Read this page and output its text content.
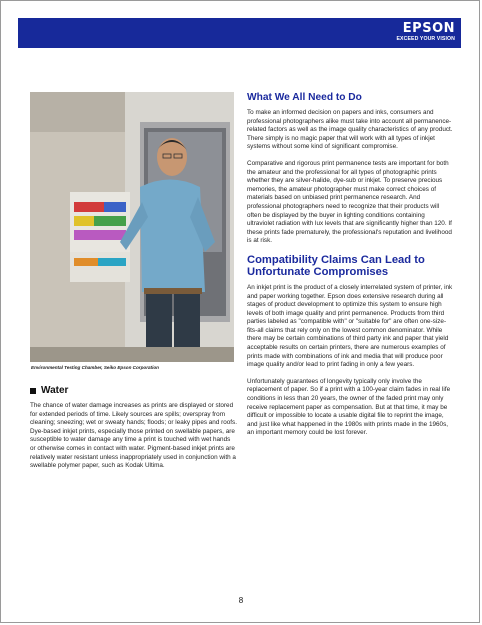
EPSON
EXCEED YOUR VISION
Environmental Testing Chamber, Seiko Epson Corporation
Water

The chance of water damage increases as prints are displayed or stored for extended periods of time. Likely sources are spills; overspray from cleaning; sneezing; wet or sweaty hands; floods; or leaky pipes and roofs. Dye-based inkjet prints, especially those printed on swellable papers, are susceptible to water damage any time a print is touched with wet hands or otherwise comes in contact with water. Pigment-based inkjet prints are relatively water resistant unless inappropriately used in conjunction with a swellable polymer paper, such as Kodak Ultima.

What We All Need to Do

To make an informed decision on papers and inks, consumers and professional photographers alike must take into account all permanence-related factors as well as the image quality characteristics of any product. There simply is no magic paper that will work with all types of inkjet systems without some kind of significant compromise.

Comparative and rigorous print permanence tests are important for both the amateur and the professional for all types of photographic prints whether they are silver-halide, dye-sub or inkjet. To preserve precious memories, the amateur photographer must make correct choices of materials based on unbiased print permanence research. And professional photographers need to recognize that their products will often be displayed by the buyer in lighting conditions containing ultraviolet radiation with lux levels that are significantly higher than 120. If these prints fade prematurely, the professional's reputation and livelihood is at risk.

Compatibility Claims Can Lead to Unfortunate Compromises

An inkjet print is the product of a closely interrelated system of printer, ink and paper working together. Epson does extensive research during all stages of product development to optimize this system to ensure high levels of both image quality and print permanence. Products from third parties labeled as "compatible with" or "suitable for" are often one-size-fits-all claims that rely only on the lowest common denominator. While there may be certain combinations of third party ink and paper that yield acceptable results on certain printers, there are numerous examples of prints made with combinations of ink and media that will produce poor image quality and/or lead to print fading in only a few years.

Unfortunately guarantees of longevity typically only involve the replacement of paper. So if a print with a 100-year claim fades in real life conditions in less than 20 years, the owner of the faded print may only receive replacement paper as compensation. But at that time, it may be difficult or impossible to locate a usable digital file to reprint the image, and just like what happened in the 1980s with prints made in the 1960s, an important memory could be lost forever.

8
